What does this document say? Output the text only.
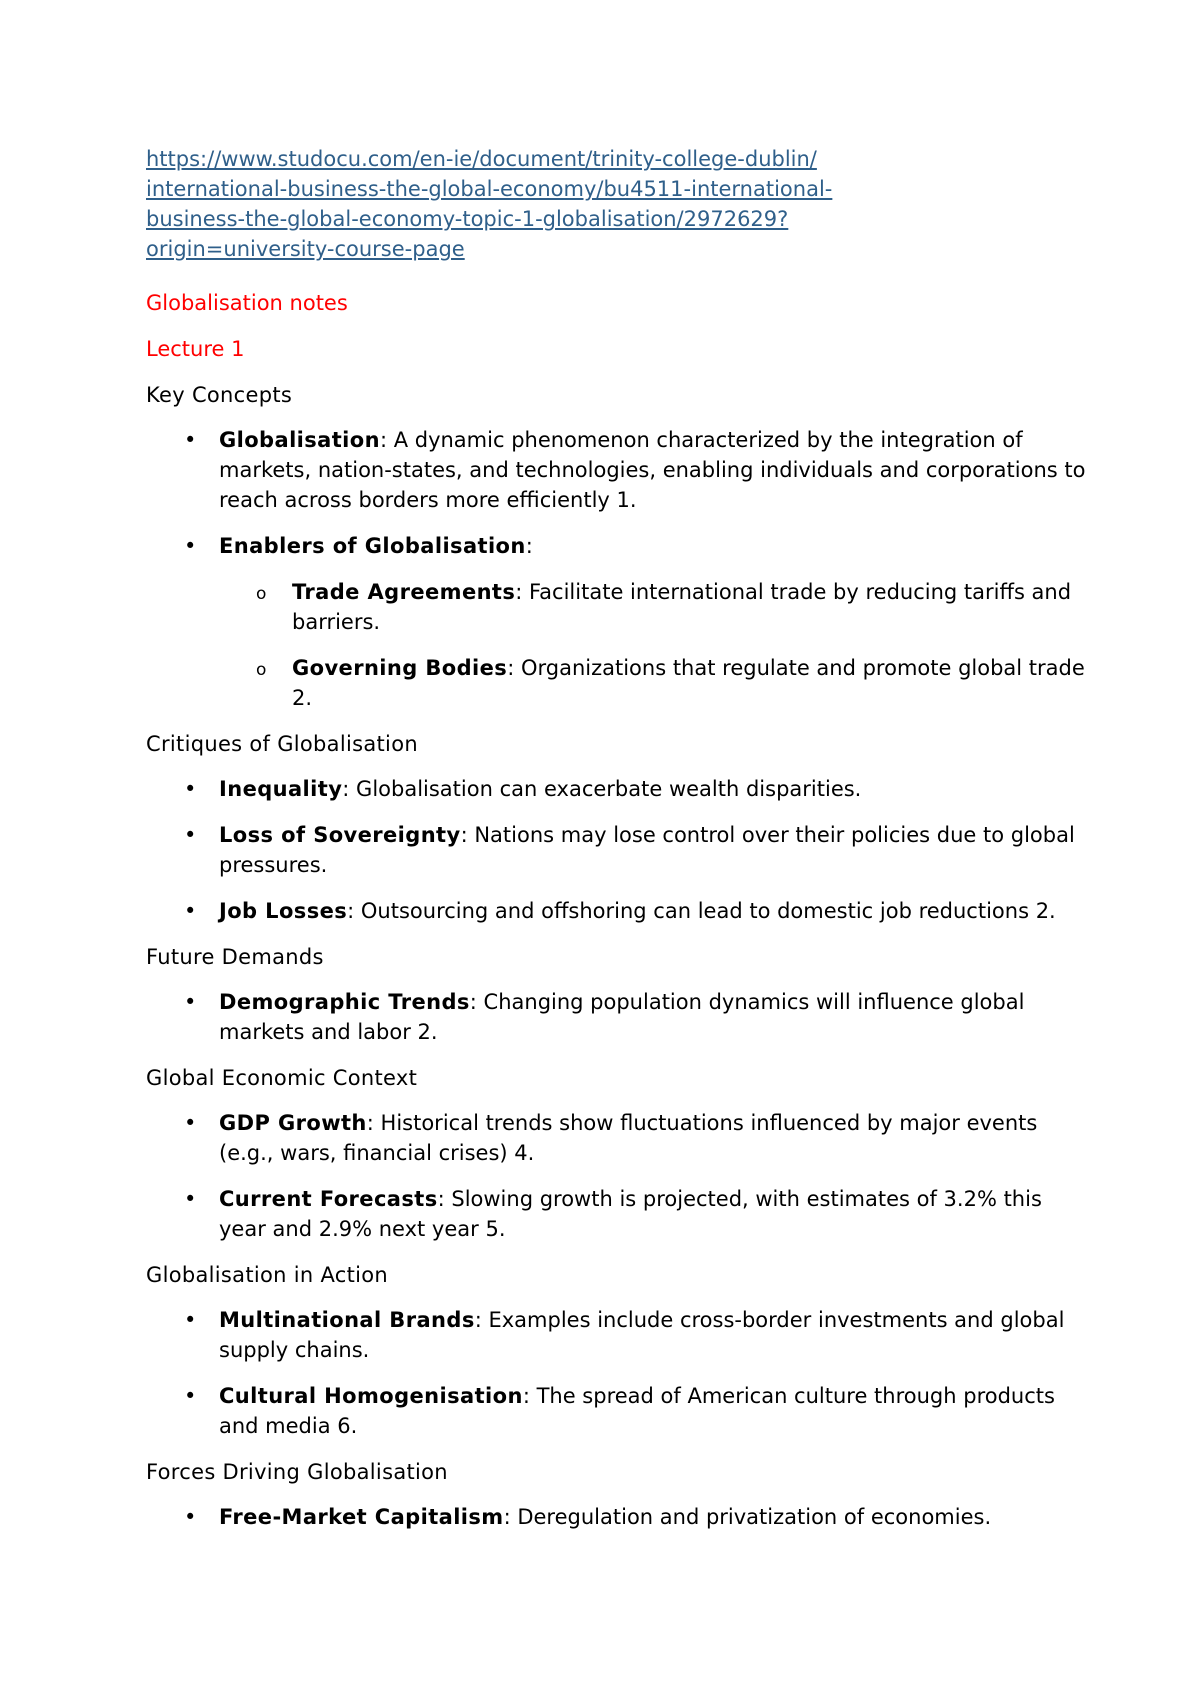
https://www.studocu.com/en-ie/document/trinity-college-dublin/
international-business-the-global-economy/bu4511-international-
business-the-global-economy-topic-1-globalisation/2972629?
origin=university-course-page
Globalisation notes
Lecture 1
Key Concepts
• Globalisation: A dynamic phenomenon characterized by the integration of markets, nation-states, and technologies, enabling individuals and corporations to reach across borders more efficiently 1.
• Enablers of Globalisation:
o Trade Agreements: Facilitate international trade by reducing tariffs and barriers.
o Governing Bodies: Organizations that regulate and promote global trade 2.
Critiques of Globalisation
• Inequality: Globalisation can exacerbate wealth disparities.
• Loss of Sovereignty: Nations may lose control over their policies due to global pressures.
• Job Losses: Outsourcing and offshoring can lead to domestic job reductions 2.
Future Demands
• Demographic Trends: Changing population dynamics will influence global markets and labor 2.
Global Economic Context
• GDP Growth: Historical trends show fluctuations influenced by major events (e.g., wars, financial crises) 4.
• Current Forecasts: Slowing growth is projected, with estimates of 3.2% this year and 2.9% next year 5.
Globalisation in Action
• Multinational Brands: Examples include cross-border investments and global supply chains.
• Cultural Homogenisation: The spread of American culture through products and media 6.
Forces Driving Globalisation
• Free-Market Capitalism: Deregulation and privatization of economies.
